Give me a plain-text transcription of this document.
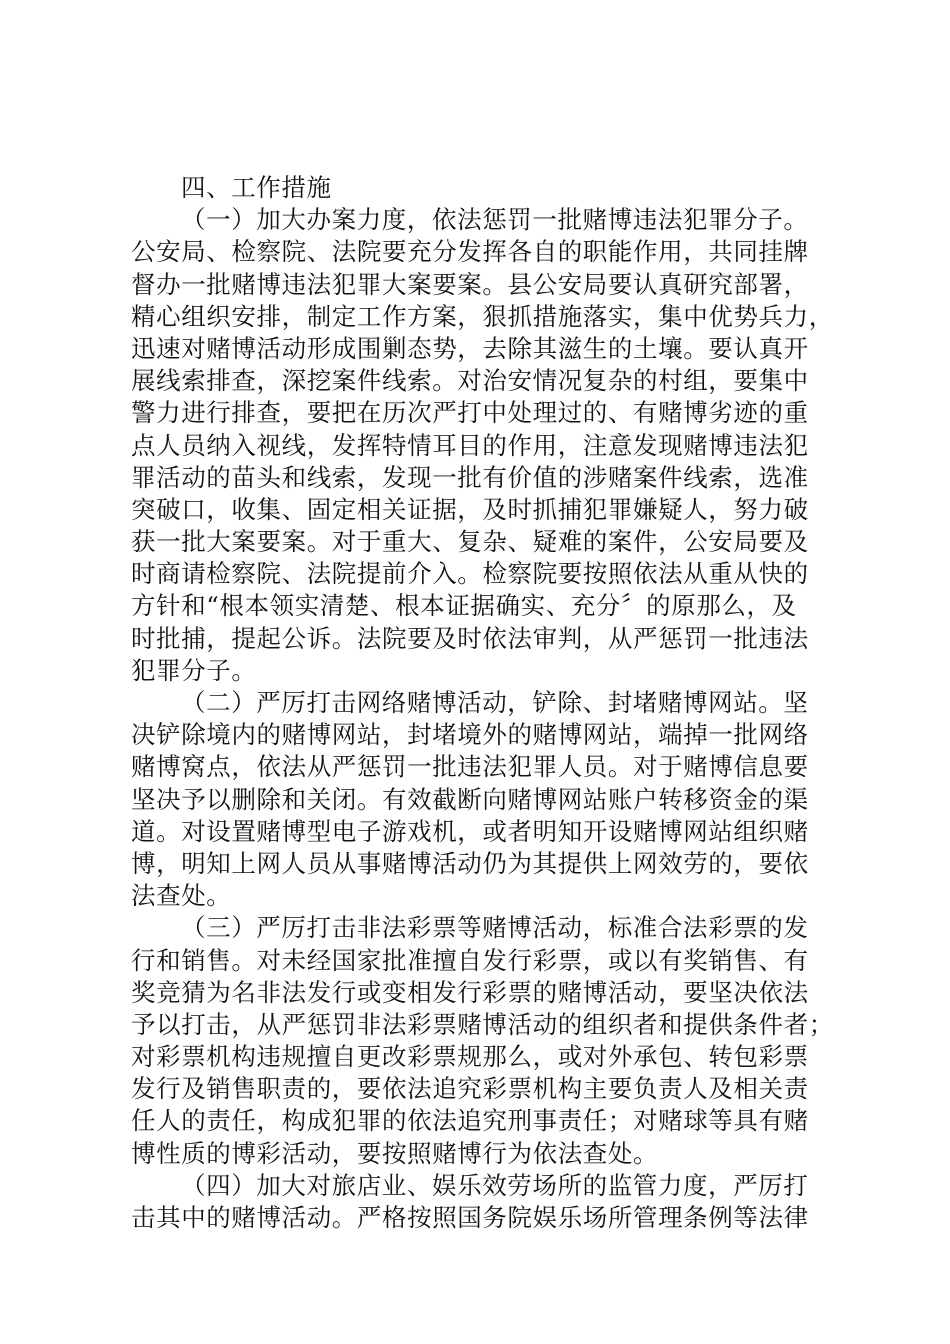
四、工作措施
（一）加大办案力度，依法惩罚一批赌博违法犯罪分子。
公安局、检察院、法院要充分发挥各自的职能作用，共同挂牌
督办一批赌博违法犯罪大案要案。县公安局要认真研究部署，
精心组织安排，制定工作方案，狠抓措施落实，集中优势兵力，
迅速对赌博活动形成围剿态势，去除其滋生的土壤。要认真开
展线索排查，深挖案件线索。对治安情况复杂的村组，要集中
警力进行排查，要把在历次严打中处理过的、有赌博劣迹的重
点人员纳入视线，发挥特情耳目的作用，注意发现赌博违法犯
罪活动的苗头和线索，发现一批有价值的涉赌案件线索，选准
突破口，收集、固定相关证据，及时抓捕犯罪嫌疑人，努力破
获一批大案要案。对于重大、复杂、疑难的案件，公安局要及
时商请检察院、法院提前介入。检察院要按照依法从重从快的
方针和“根本领实清楚、根本证据确实、充分〞的原那么，及
时批捕，提起公诉。法院要及时依法审判，从严惩罚一批违法
犯罪分子。
（二）严厉打击网络赌博活动，铲除、封堵赌博网站。坚
决铲除境内的赌博网站，封堵境外的赌博网站，端掉一批网络
赌博窝点，依法从严惩罚一批违法犯罪人员。对于赌博信息要
坚决予以删除和关闭。有效截断向赌博网站账户转移资金的渠
道。对设置赌博型电子游戏机，或者明知开设赌博网站组织赌
博，明知上网人员从事赌博活动仍为其提供上网效劳的，要依
法查处。
（三）严厉打击非法彩票等赌博活动，标准合法彩票的发
行和销售。对未经国家批准擅自发行彩票，或以有奖销售、有
奖竞猜为名非法发行或变相发行彩票的赌博活动，要坚决依法
予以打击，从严惩罚非法彩票赌博活动的组织者和提供条件者；
对彩票机构违规擅自更改彩票规那么，或对外承包、转包彩票
发行及销售职责的，要依法追究彩票机构主要负责人及相关责
任人的责任，构成犯罪的依法追究刑事责任；对赌球等具有赌
博性质的博彩活动，要按照赌博行为依法查处。
（四）加大对旅店业、娱乐效劳场所的监管力度，严厉打
击其中的赌博活动。严格按照国务院娱乐场所管理条例等法律
